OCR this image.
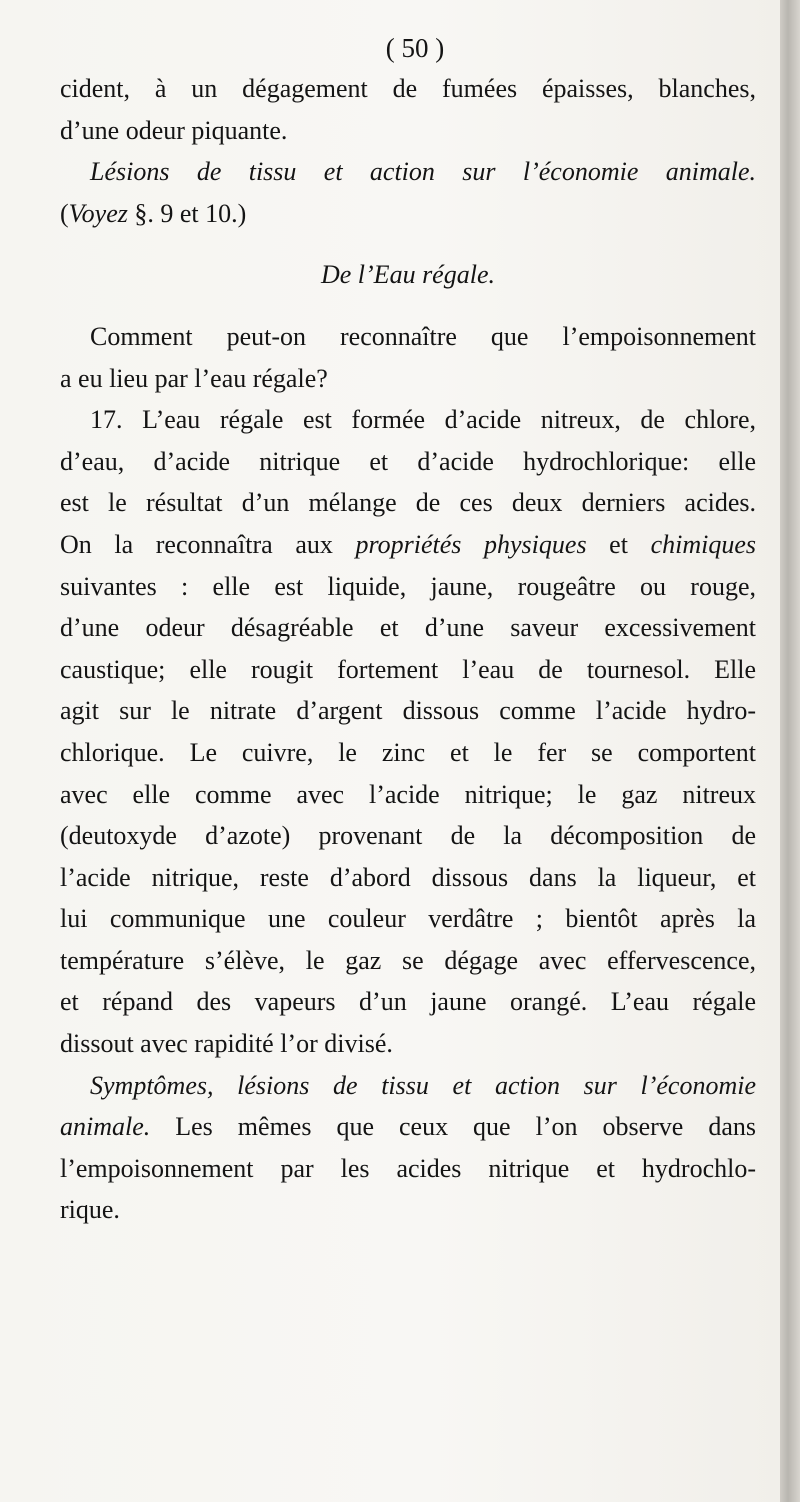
( 50 )
cident, à un dégagement de fumées épaisses, blanches,
d’une odeur piquante.
Lésions de tissu et action sur l’économie animale.
(Voyez §. 9 et 10.)
De l’Eau régale.
Comment peut-on reconnaître que l’empoisonnement
a eu lieu par l’eau régale?
17. L’eau régale est formée d’acide nitreux, de chlore,
d’eau, d’acide nitrique et d’acide hydrochlorique: elle
est le résultat d’un mélange de ces deux derniers acides.
On la reconnaîtra aux propriétés physiques et chimiques
suivantes : elle est liquide, jaune, rougeâtre ou rouge,
d’une odeur désagréable et d’une saveur excessivement
caustique; elle rougit fortement l’eau de tournesol. Elle
agit sur le nitrate d’argent dissous comme l’acide hydro-
chlorique. Le cuivre, le zinc et le fer se comportent
avec elle comme avec l’acide nitrique; le gaz nitreux
(deutoxyde d’azote) provenant de la décomposition de
l’acide nitrique, reste d’abord dissous dans la liqueur, et
lui communique une couleur verdâtre ; bientôt après la
température s’élève, le gaz se dégage avec effervescence,
et répand des vapeurs d’un jaune orangé. L’eau régale
dissout avec rapidité l’or divisé.
Symptômes, lésions de tissu et action sur l’économie
animale. Les mêmes que ceux que l’on observe dans
l’empoisonnement par les acides nitrique et hydrochlo-
rique.
